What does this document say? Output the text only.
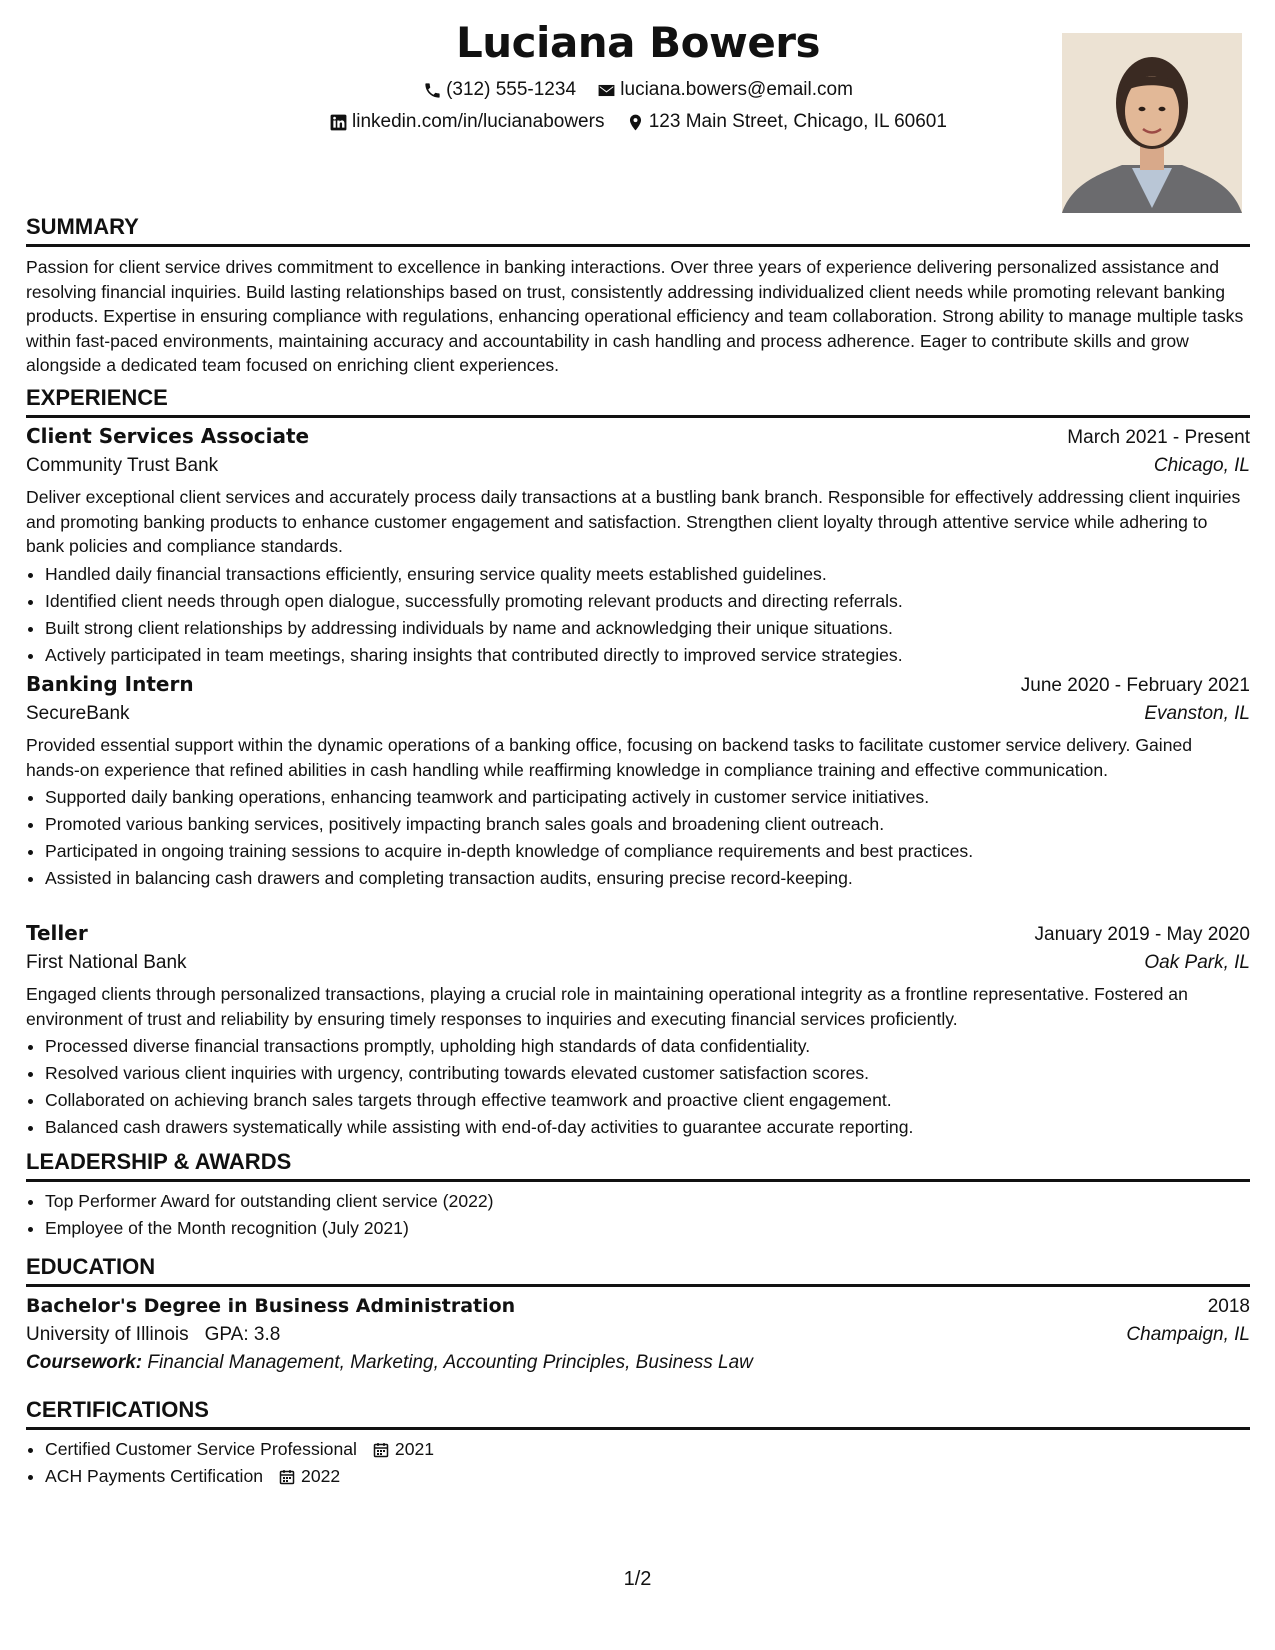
Luciana Bowers
(312) 555-1234
luciana.bowers@email.com
linkedin.com/in/lucianabowers
123 Main Street, Chicago, IL 60601
SUMMARY
Passion for client service drives commitment to excellence in banking interactions. Over three years of experience delivering personalized assistance and resolving financial inquiries. Build lasting relationships based on trust, consistently addressing individualized client needs while promoting relevant banking products. Expertise in ensuring compliance with regulations, enhancing operational efficiency and team collaboration. Strong ability to manage multiple tasks within fast-paced environments, maintaining accuracy and accountability in cash handling and process adherence. Eager to contribute skills and grow alongside a dedicated team focused on enriching client experiences.
EXPERIENCE
Client Services Associate	March 2021 - Present
Community Trust Bank	Chicago, IL
Deliver exceptional client services and accurately process daily transactions at a bustling bank branch. Responsible for effectively addressing client inquiries and promoting banking products to enhance customer engagement and satisfaction. Strengthen client loyalty through attentive service while adhering to bank policies and compliance standards.
• Handled daily financial transactions efficiently, ensuring service quality meets established guidelines.
• Identified client needs through open dialogue, successfully promoting relevant products and directing referrals.
• Built strong client relationships by addressing individuals by name and acknowledging their unique situations.
• Actively participated in team meetings, sharing insights that contributed directly to improved service strategies.
Banking Intern	June 2020 - February 2021
SecureBank	Evanston, IL
Provided essential support within the dynamic operations of a banking office, focusing on backend tasks to facilitate customer service delivery. Gained hands-on experience that refined abilities in cash handling while reaffirming knowledge in compliance training and effective communication.
• Supported daily banking operations, enhancing teamwork and participating actively in customer service initiatives.
• Promoted various banking services, positively impacting branch sales goals and broadening client outreach.
• Participated in ongoing training sessions to acquire in-depth knowledge of compliance requirements and best practices.
• Assisted in balancing cash drawers and completing transaction audits, ensuring precise record-keeping.
Teller	January 2019 - May 2020
First National Bank	Oak Park, IL
Engaged clients through personalized transactions, playing a crucial role in maintaining operational integrity as a frontline representative. Fostered an environment of trust and reliability by ensuring timely responses to inquiries and executing financial services proficiently.
• Processed diverse financial transactions promptly, upholding high standards of data confidentiality.
• Resolved various client inquiries with urgency, contributing towards elevated customer satisfaction scores.
• Collaborated on achieving branch sales targets through effective teamwork and proactive client engagement.
• Balanced cash drawers systematically while assisting with end-of-day activities to guarantee accurate reporting.
LEADERSHIP & AWARDS
• Top Performer Award for outstanding client service (2022)
• Employee of the Month recognition (July 2021)
EDUCATION
Bachelor's Degree in Business Administration	2018
University of Illinois GPA: 3.8	Champaign, IL
Coursework: Financial Management, Marketing, Accounting Principles, Business Law
CERTIFICATIONS
• Certified Customer Service Professional 2021
• ACH Payments Certification 2022
1/2
